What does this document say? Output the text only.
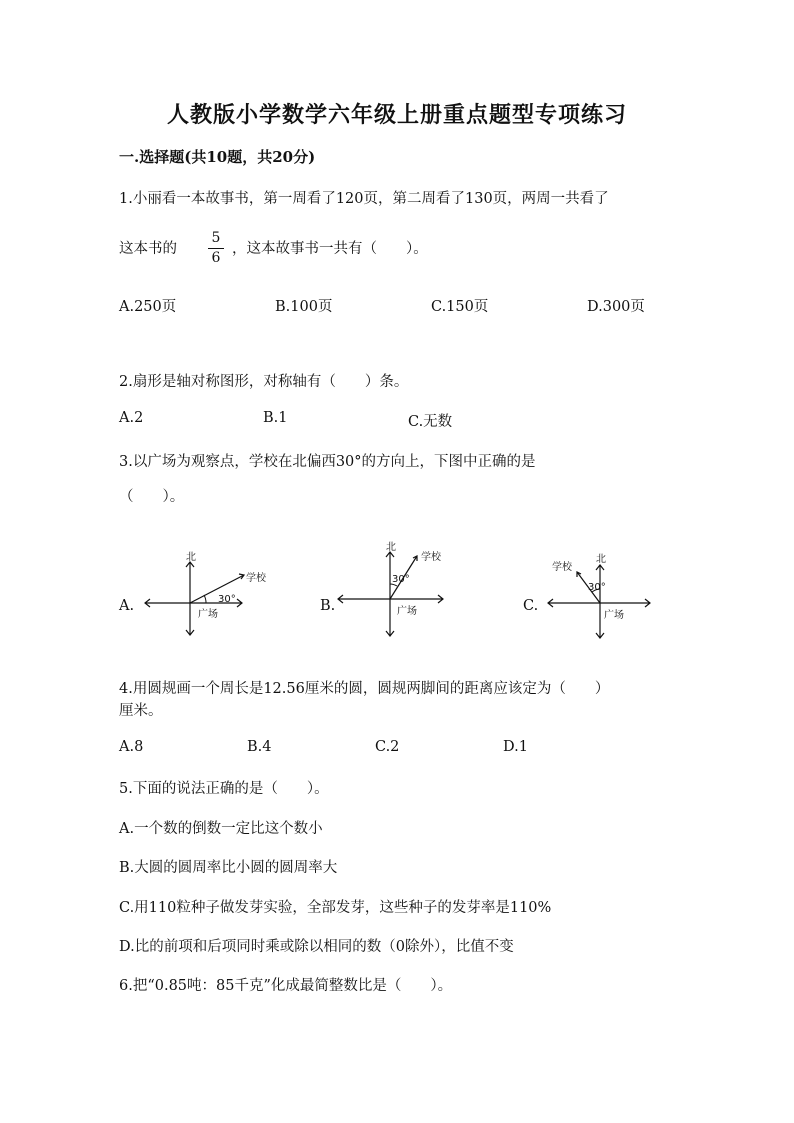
人教版小学数学六年级上册重点题型专项练习
一.选择题(共10题，共20分)
1.小丽看一本故事书，第一周看了120页，第二周看了130页，两周一共看了
这本书的
5
6
，这本故事书一共有（　　）。
A.250页	B.100页	C.150页	D.300页
2.扇形是轴对称图形，对称轴有（　　）条。
A.2	B.1	C.无数
3.以广场为观察点，学校在北偏西30°的方向上，下图中正确的是
（　　）。
A.
北
学校
广场
30°	B.
北
学校
广场
30°
C.
北
学校
广场
30°
4.用圆规画一个周长是12.56厘米的圆，圆规两脚间的距离应该定为（　　）
厘米。
A.8	B.4	C.2	D.1
5.下面的说法正确的是（　　）。
A.一个数的倒数一定比这个数小
B.大圆的圆周率比小圆的圆周率大
C.用110粒种子做发芽实验，全部发芽，这些种子的发芽率是110%
D.比的前项和后项同时乘或除以相同的数（0除外），比值不变
6.把“0.85吨：85千克”化成最简整数比是（　　）。
